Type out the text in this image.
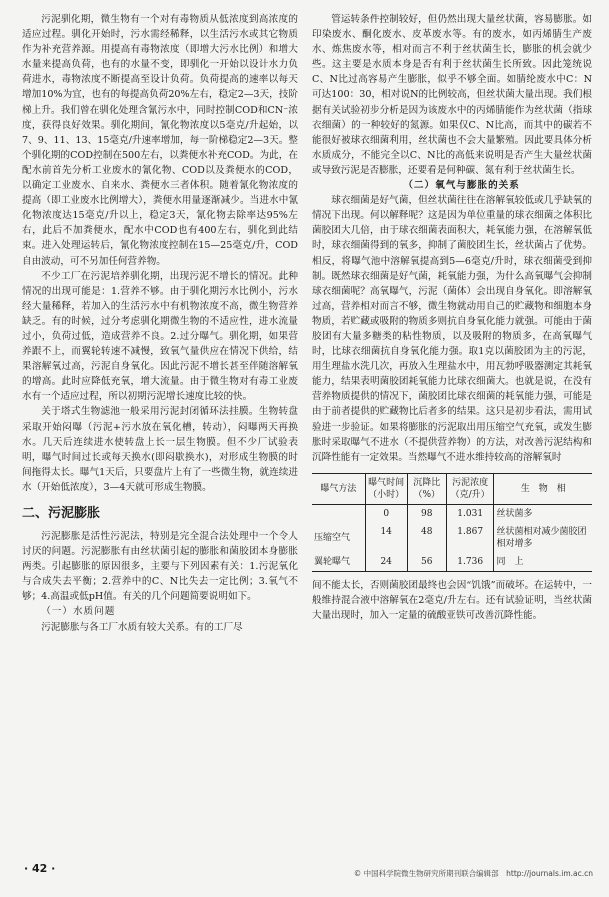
污泥驯化期，微生物有一个对有毒物质从低浓度到高浓度的适应过程。驯化开始时，污水需经稀释，以生活污水或其它物质作为补充营养源。用提高有毒物浓度（即增大污水比例）和增大水量来提高负荷，也有的水量不变，即驯化一开始以设计水力负荷进水，毒物浓度不断提高至设计负荷。负荷提高的速率以每天增加10%为宜，也有的每提高负荷20%左右，稳定2—3天，技阶梯上升。我们曾在驯化处理含氰污水中，同时控制COD和CN⁻浓度，获得良好效果。驯化期间，氰化物浓度以5毫克/升起始，以7、9、11、13、15毫克/升速率增加，每一阶梯稳定2—3天。整个驯化期的COD控制在500左右，以粪便水补充COD。为此，在配水前首先分析工业废水的氰化物、COD以及粪便水的COD，以确定工业废水、自来水、粪便水三者体积。随着氰化物浓度的提高（即工业废水比例增大），粪便水用量逐渐减少。当进水中氰化物浓度达15毫克/升以上，稳定3天，氰化物去除率达95%左右，此后不加粪便水，配水中COD也有400左右，驯化到此结束。进入处理运转后，氰化物浓度控制在15—25毫克/升，COD自由波动，可不另加任何营养物。

不少工厂在污泥培养驯化期，出现污泥不增长的情况。此种情况的出现可能是：1.营养不够。由于驯化期污水比例小，污水经大量稀释，若加入的生活污水中有机物浓度不高，微生物营养缺乏。有的时候，过分考虑驯化期微生物的不适应性，进水流量过小，负荷过低，造成营养不良。2.过分曝气。驯化期，如果营养跟不上，而翼轮转速不减慢，致氧气量供应在情况下供给，结果溶解氧过高，污泥自身氧化。因此污泥不增长甚至伴随溶解氧的增高。此时应降低充氧，增大流量。由于微生物对有毒工业废水有一个适应过程，所以初期污泥增长速度比较的快。

关于塔式生物滤池一般采用污泥封闭循环法挂膜。生物转盘采取开始闷曝（污泥+污水放在氧化槽，转动），闷曝两天再换水。几天后连续进水使转盘上长一层生物膜。但不少厂试验表明，曝气时间过长或每天换水(即闷歇换水)，对形成生物膜的时间拖得太长。曝气1天后，只要盘片上有了一些微生物，就连续进水（开始低浓度），3—4天就可形成生物膜。

二、污泥膨胀

污泥膨胀是活性污泥法，特别是完全混合法处理中一个令人讨厌的问题。污泥膨胀有由丝状菌引起的膨胀和菌胶团本身膨胀两类。引起膨胀的原因很多，主要与下列因素有关：1.污泥氧化与合成失去平衡；2.营养中的C、N比失去一定比例；3.氧气不够；4.高温或低pH值。有关的几个问题简要说明如下。

（一）水质问题

污泥膨胀与各工厂水质有较大关系。有的工厂尽

管运转条件控制较好，但仍然出现大量丝状菌，容易膨胀。如印染废水、酮化废水、皮革废水等。有的废水，如丙烯腈生产废水、炼焦废水等，相对而言不利于丝状菌生长，膨胀的机会就少些。这主要是水质本身是否有利于丝状菌生长所致。因此笼统说C、N比过高容易产生膨胀，似乎不够全面。如腈纶废水中C：N可达100：30，相对说N的比例较高，但丝状菌大量出现。我们根据有关试验初步分析是因为该废水中的丙烯腈能作为丝状菌（指球衣细菌）的一种较好的氮源。如果仅C、N比高，而其中的碳若不能很好被球衣细菌利用，丝状菌也不会大量繁殖。因此要具体分析水质成分，不能完全以C、N比的高低来说明是否产生大量丝状菌或导致污泥是否膨胀，还要看是何种碳、氮有利于丝状菌生长。

（二）氧气与膨胀的关系

球衣细菌是好气菌，但丝状菌往往在溶解氧较低或几乎缺氧的情况下出现。何以解释呢？这是因为单位重量的球衣细菌之体积比菌胶团大几倍，由于球衣细菌表面积大，耗氧能力强，在溶解氧低时，球衣细菌得到的氧多，抑制了菌胶团生长，丝状菌占了优势。相反，将曝气池中溶解氧提高到5—6毫克/升时，球衣细菌受到抑制。既然球衣细菌是好气菌，耗氧能力强，为什么高氧曝气会抑制球衣细菌呢？高氧曝气，污泥（菌体）会出现自身氧化。即溶解氧过高，营养相对而言不够，微生物就动用自己的贮藏物和细胞本身物质，若贮藏或吸附的物质多则抗自身氧化能力就强。可能由于菌胶团有大量多糖类的粘性物质，以及吸附的物质多，在高氧曝气时，比球衣细菌抗自身氧化能力强。取1克以菌胶团为主的污泥，用生理盐水洗几次，再放入生理盐水中，用瓦勃呼吸器测定其耗氧能力，结果表明菌胶团耗氧能力比球衣细菌大。也就是说，在没有营养物质提供的情况下，菌胶团比球衣细菌的耗氧能力强，可能是由于前者提供的贮藏物比后者多的结果。这只是初步看法，需用试验进一步验证。如果将膨胀的污泥取出用压缩空气充氧，或发生膨胀时采取曝气不进水（不提供营养物）的方法，对改善污泥结构和沉降性能有一定效果。当然曝气不进水维持较高的溶解氧时

曝气方法	曝气时间（小时）	沉降比（%）	污泥浓度（克/升）	生　物　相
	0	98	1.031	丝状菌多
压缩空气	14	48	1.867	丝状菌相对减少菌胶团相对增多
翼轮曝气	24	56	1.736	同　上

间不能太长，否则菌胶团最终也会因“饥饿”而破坏。在运转中，一般维持混合液中溶解氧在2毫克/升左右。还有试验证明，当丝状菌大量出现时，加入一定量的硫酸亚铁可改善沉降性能。

· 42 ·	© 中国科学院微生物研究所期刊联合编辑部　http://journals.im.ac.cn
